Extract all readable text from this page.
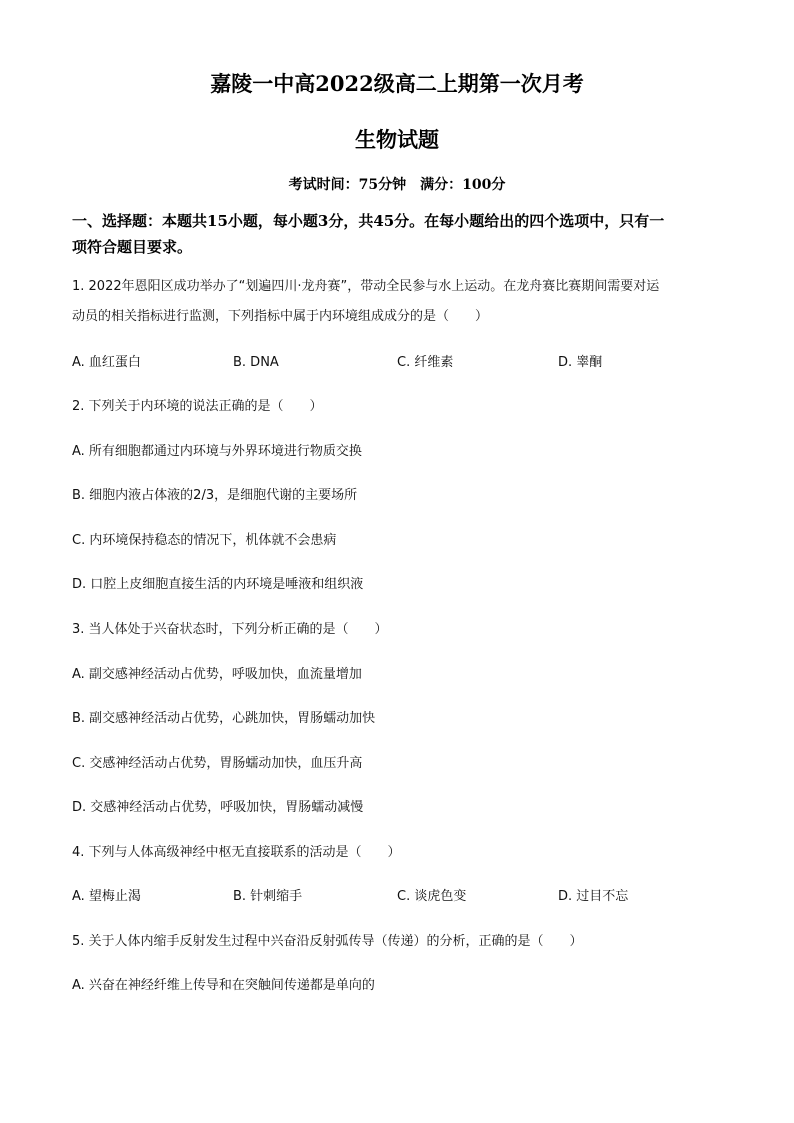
嘉陵一中高2022级高二上期第一次月考
生物试题
考试时间：75分钟　满分：100分
一、选择题：本题共15小题，每小题3分，共45分。在每小题给出的四个选项中，只有一
项符合题目要求。
1. 2022年恩阳区成功举办了“划遍四川·龙舟赛”，带动全民参与水上运动。在龙舟赛比赛期间需要对运
动员的相关指标进行监测，下列指标中属于内环境组成成分的是（　　）
A. 血红蛋白	B. DNA	C. 纤维素	D. 睾酮
2. 下列关于内环境的说法正确的是（　　）
A. 所有细胞都通过内环境与外界环境进行物质交换
B. 细胞内液占体液的2/3，是细胞代谢的主要场所
C. 内环境保持稳态的情况下，机体就不会患病
D. 口腔上皮细胞直接生活的内环境是唾液和组织液
3. 当人体处于兴奋状态时，下列分析正确的是（　　）
A. 副交感神经活动占优势，呼吸加快，血流量增加
B. 副交感神经活动占优势，心跳加快，胃肠蠕动加快
C. 交感神经活动占优势，胃肠蠕动加快，血压升高
D. 交感神经活动占优势，呼吸加快，胃肠蠕动减慢
4. 下列与人体高级神经中枢无直接联系的活动是（　　）
A. 望梅止渴	B. 针刺缩手	C. 谈虎色变	D. 过目不忘
5. 关于人体内缩手反射发生过程中兴奋沿反射弧传导（传递）的分析，正确的是（　　）
A. 兴奋在神经纤维上传导和在突触间传递都是单向的
